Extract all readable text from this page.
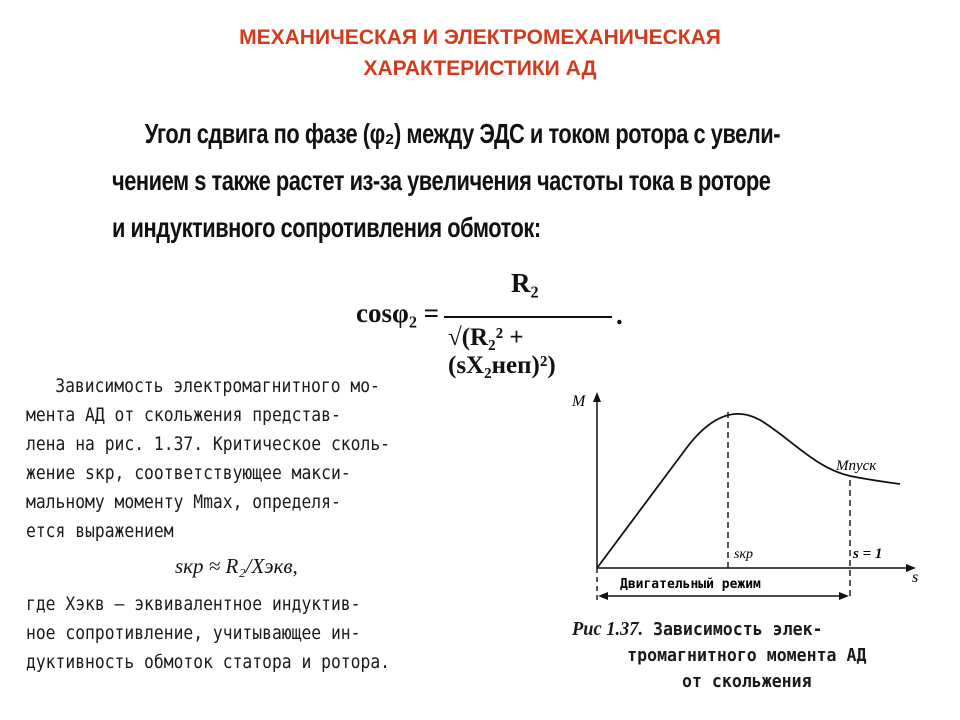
МЕХАНИЧЕСКАЯ И ЭЛЕКТРОМЕХАНИЧЕСКАЯ
ХАРАКТЕРИСТИКИ АД
Угол сдвига по фазе (φ₂) между ЭДС и током ротора с увели-
чением s также растет из-за увеличения частоты тока в роторе
и индуктивного сопротивления обмоток:
cosφ₂ =
R₂
√(R₂² + (sX₂неп)²)
.
Зависимость электромагнитного мо-
мента АД от скольжения представ-
лена на рис. 1.37. Критическое сколь-
жение sкр, соответствующее макси-
мальному моменту Mmax, определя-
ется выражением
sкр ≈ R₂/Xэкв,
где Xэкв — эквивалентное индуктив-
ное сопротивление, учитывающее ин-
дуктивность обмоток статора и ротора.
M
s
Mпуск
sкр	s = 1
Двигательный режим
Рис 1.37. Зависимость элек-
тромагнитного момента АД
от скольжения
